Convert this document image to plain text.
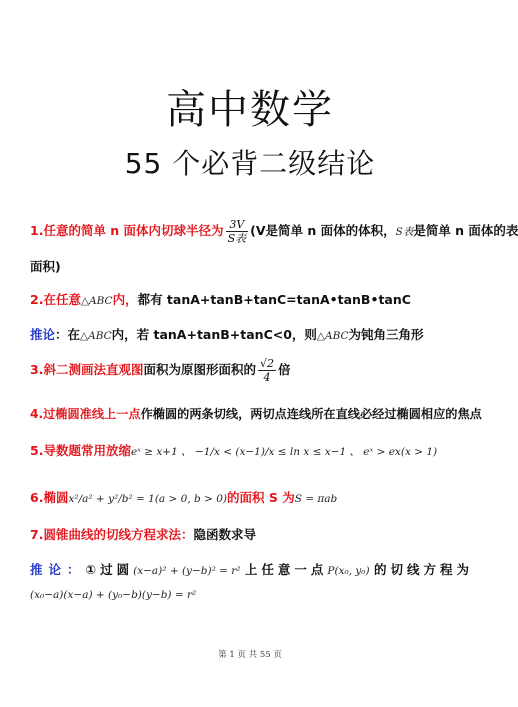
高中数学
55 个必背二级结论
1.任意的简单 n 面体内切球半径为 $\frac{3V}{\text{S表}} (V$是简单 n 面体的体积，S表是简单 n 面体的表
面积)
2.在任意△ABC内，都有 tanA+tanB+tanC=tanA•tanB•tanC
推论：在△ABC内，若 tanA+tanB+tanC<0，则△ABC为钝角三角形
3.斜二测画法直观图面积为原图形面积的 $\frac{√2}{4}$ 倍
4.过椭圆准线上一点作椭圆的两条切线，两切点连线所在直线必经过椭圆相应的焦点
5.导数题常用放缩eˣ ≥ x+1 、 −1/x < (x−1)/x ≤ ln x ≤ x−1 、 eˣ > ex(x > 1)
6.椭圆x²/a² + y²/b² = 1(a > 0, b > 0)的面积 S 为S = πab
7.圆锥曲线的切线方程求法：隐函数求导
推论：①过圆(x−a)² + (y−b)² = r² 上任意一点P(x₀, y₀) 的切线方程为
(x₀−a)(x−a) + (y₀−b)(y−b) = r²
第 1 页 共 55 页
